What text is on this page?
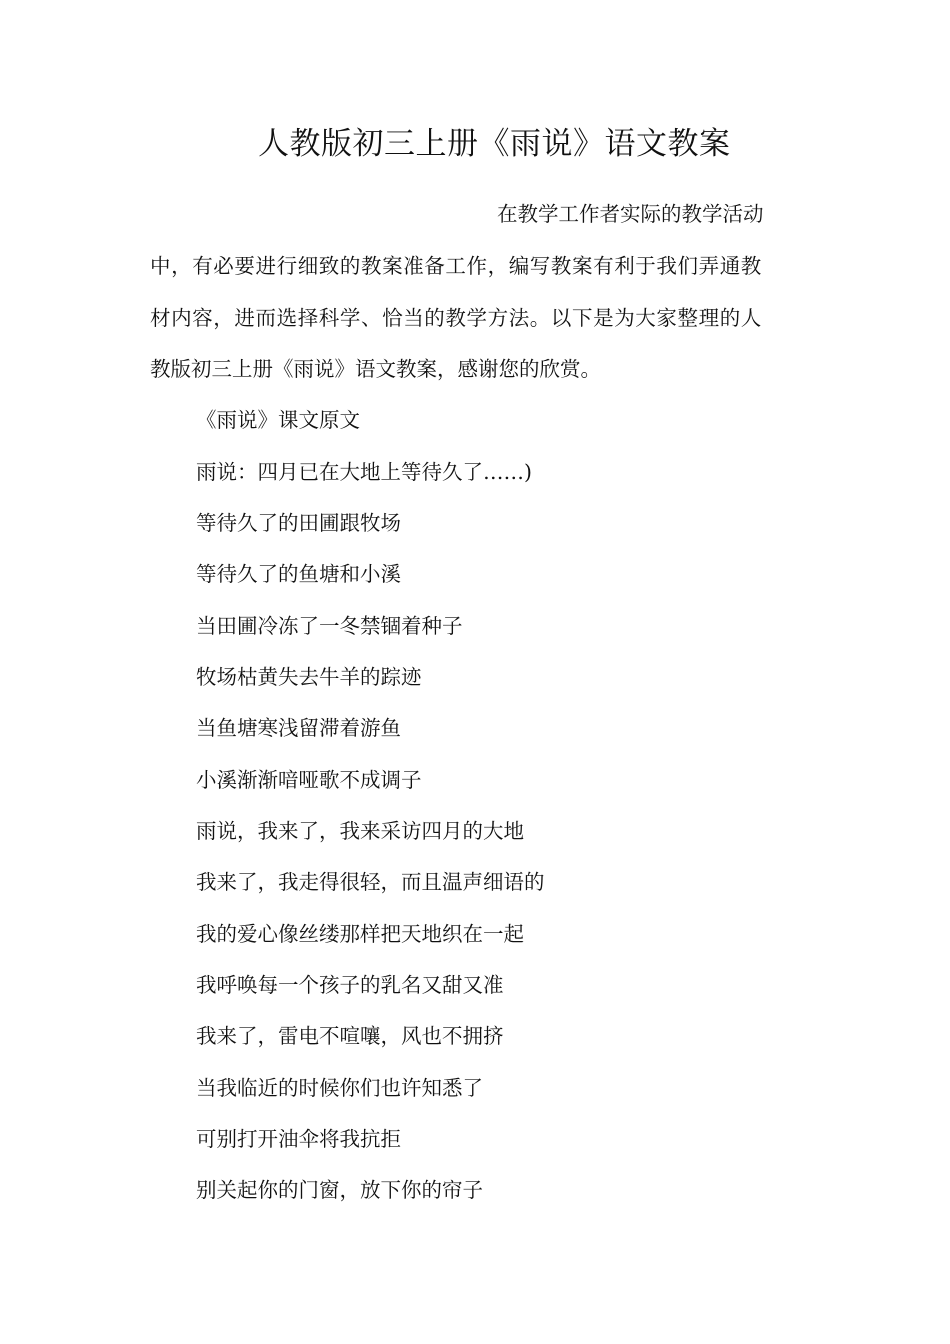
人教版初三上册《雨说》语文教案

在教学工作者实际的教学活动

中，有必要进行细致的教案准备工作，编写教案有利于我们弄通教

材内容，进而选择科学、恰当的教学方法。以下是为大家整理的人

教版初三上册《雨说》语文教案，感谢您的欣赏。

《雨说》课文原文

雨说：四月已在大地上等待久了……)

等待久了的田圃跟牧场

等待久了的鱼塘和小溪

当田圃冷冻了一冬禁锢着种子

牧场枯黄失去牛羊的踪迹

当鱼塘寒浅留滞着游鱼

小溪渐渐喑哑歌不成调子

雨说，我来了，我来采访四月的大地

我来了，我走得很轻，而且温声细语的

我的爱心像丝缕那样把天地织在一起

我呼唤每一个孩子的乳名又甜又准

我来了，雷电不喧嚷，风也不拥挤

当我临近的时候你们也许知悉了

可别打开油伞将我抗拒

别关起你的门窗，放下你的帘子
